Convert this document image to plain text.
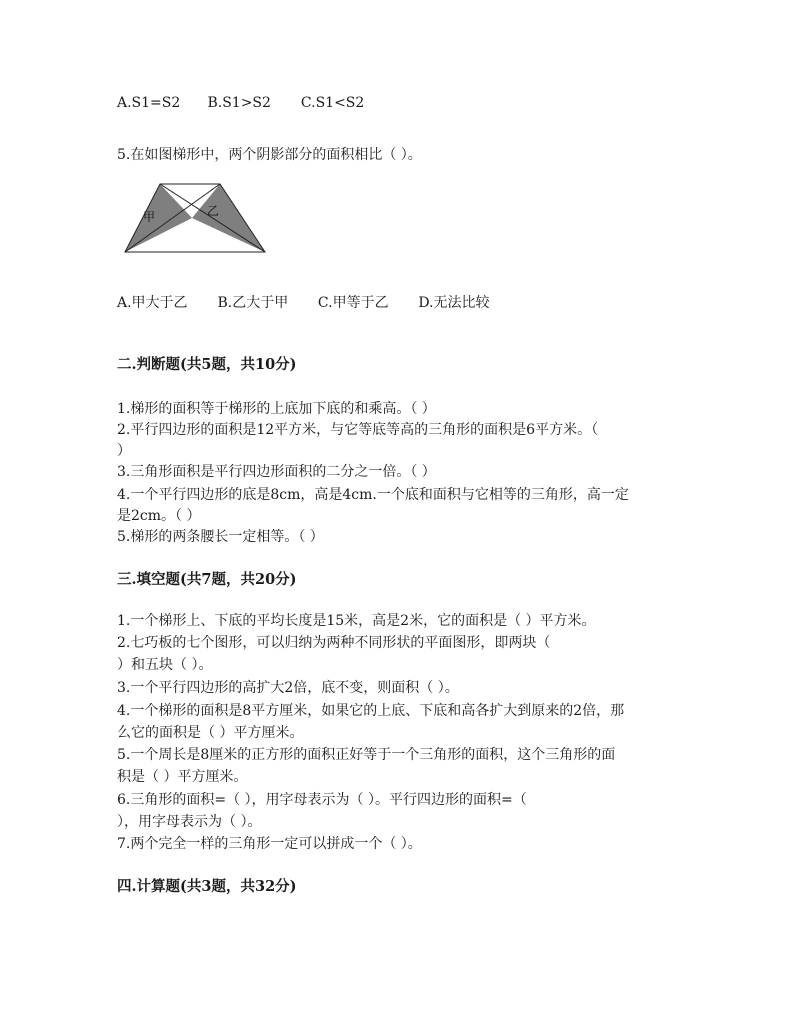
A.S1=S2 B.S1>S2 C.S1<S2
5.在如图梯形中，两个阴影部分的面积相比（ ）。
甲	乙
A.甲大于乙 B.乙大于甲 C.甲等于乙 D.无法比较
二.判断题(共5题，共10分)
1.梯形的面积等于梯形的上底加下底的和乘高。（ ）
2.平行四边形的面积是12平方米，与它等底等高的三角形的面积是6平方米。（
）
3.三角形面积是平行四边形面积的二分之一倍。（ ）
4.一个平行四边形的底是8cm，高是4cm.一个底和面积与它相等的三角形，高一定
是2cm。（ ）
5.梯形的两条腰长一定相等。（ ）
三.填空题(共7题，共20分)
1.一个梯形上、下底的平均长度是15米，高是2米，它的面积是（ ）平方米。
2.七巧板的七个图形，可以归纳为两种不同形状的平面图形，即两块（
）和五块（ ）。
3.一个平行四边形的高扩大2倍，底不变，则面积（ ）。
4.一个梯形的面积是8平方厘米，如果它的上底、下底和高各扩大到原来的2倍，那
么它的面积是（ ）平方厘米。
5.一个周长是8厘米的正方形的面积正好等于一个三角形的面积，这个三角形的面
积是（ ）平方厘米。
6.三角形的面积=（ ），用字母表示为（ ）。平行四边形的面积=（
），用字母表示为（ ）。
7.两个完全一样的三角形一定可以拼成一个（ ）。
四.计算题(共3题，共32分)
